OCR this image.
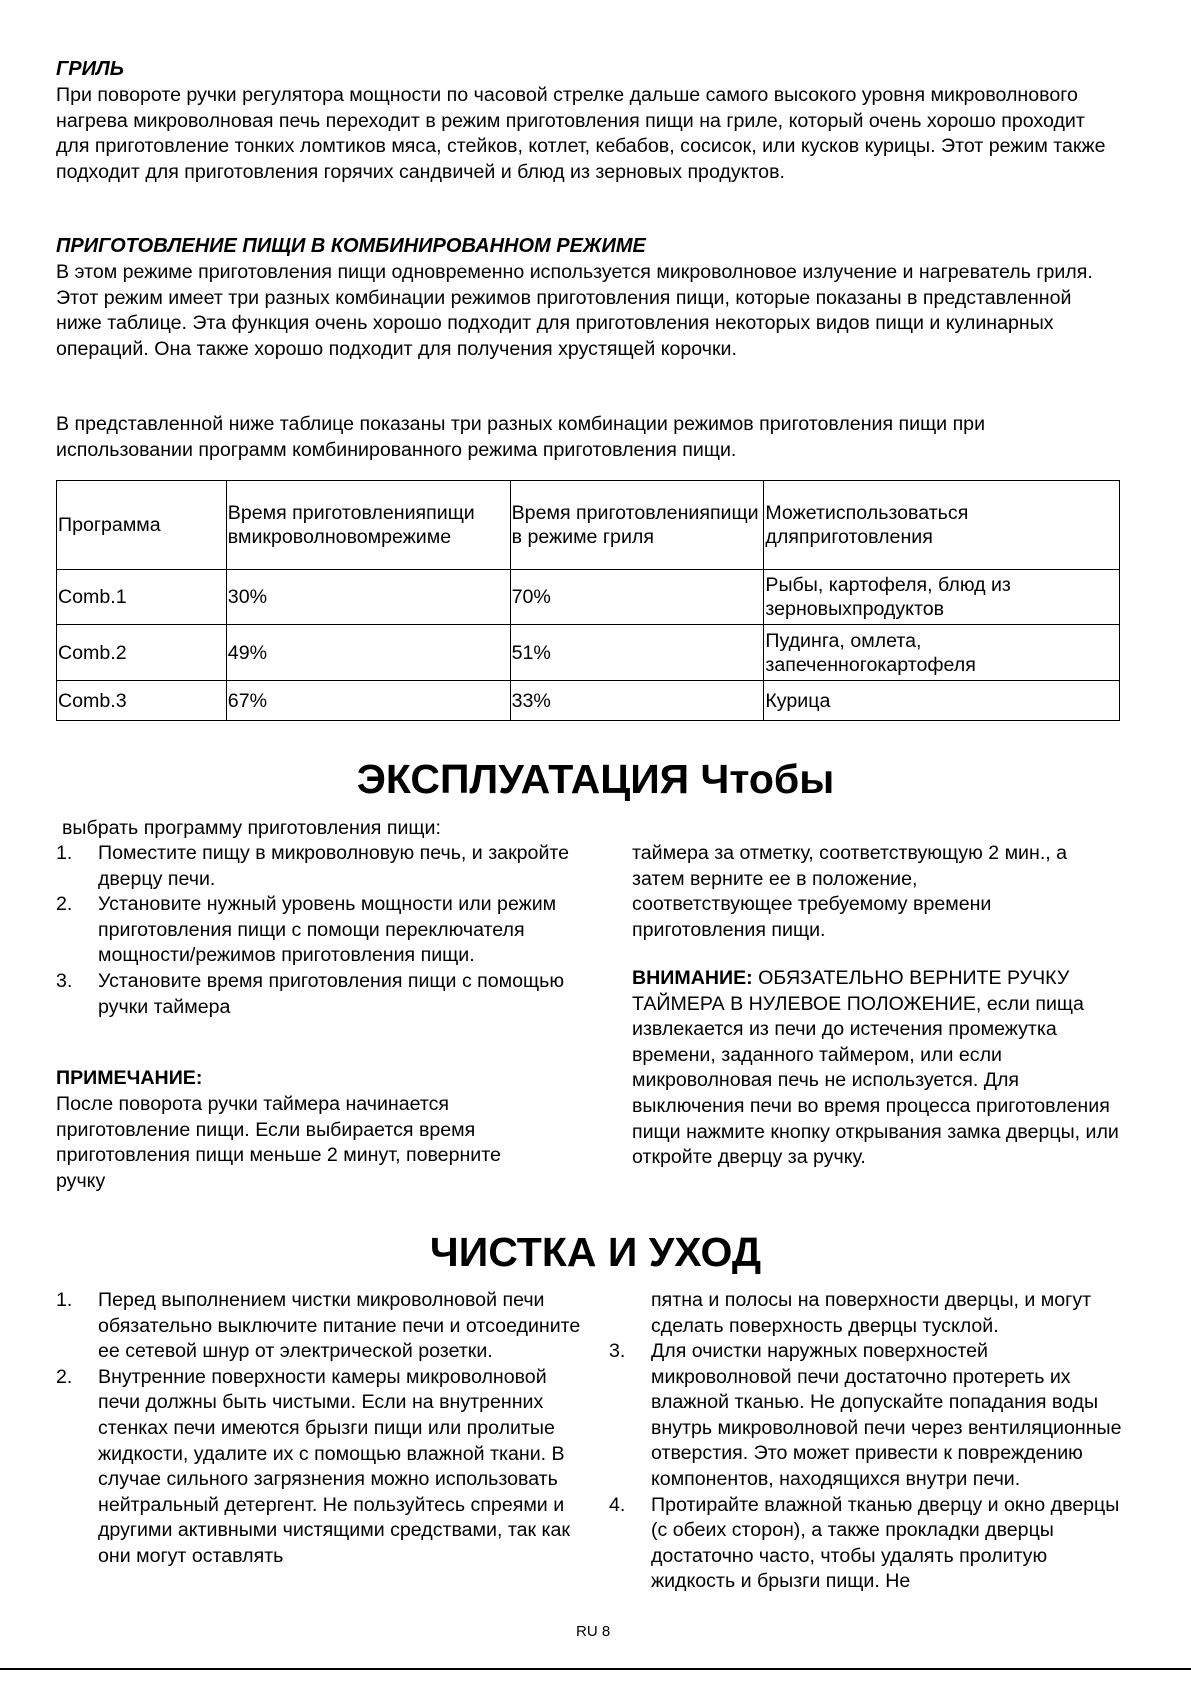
ГРИЛЬ
При повороте ручки регулятора мощности по часовой стрелке дальше самого высокого уровня микроволнового нагрева микроволновая печь переходит в режим приготовления пищи на гриле, который очень хорошо проходит для приготовление тонких ломтиков мяса, стейков, котлет, кебабов, сосисок, или кусков курицы. Этот режим также подходит для приготовления горячих сандвичей и блюд из зерновых продуктов.
ПРИГОТОВЛЕНИЕ ПИЩИ В КОМБИНИРОВАННОМ РЕЖИМЕ
В этом режиме приготовления пищи одновременно используется микроволновое излучение и нагреватель гриля. Этот режим имеет три разных комбинации режимов приготовления пищи, которые показаны в представленной ниже таблице. Эта функция очень хорошо подходит для приготовления некоторых видов пищи и кулинарных операций. Она также хорошо подходит для получения хрустящей корочки.
В представленной ниже таблице показаны три разных комбинации режимов приготовления пищи при использовании программ комбинированного режима приготовления пищи.
Программа	Время приготовленияпищи вмикроволновомрежиме	Время приготовленияпищи в режиме гриля	Можетиспользоваться дляприготовления
Comb.1	30%	70%	Рыбы, картофеля, блюд из зерновыхпродуктов
Comb.2	49%	51%	Пудинга, омлета, запеченногокартофеля
Comb.3	67%	33%	Курица
ЭКСПЛУАТАЦИЯ Чтобы
выбрать программу приготовления пищи:
1. Поместите пищу в микроволновую печь, и закройте дверцу печи.
2. Установите нужный уровень мощности или режим приготовления пищи с помощи переключателя мощности/режимов приготовления пищи.
3. Установите время приготовления пищи с помощью ручки таймера
ПРИМЕЧАНИЕ:
После поворота ручки таймера начинается приготовление пищи. Если выбирается время приготовления пищи меньше 2 минут, поверните ручку
таймера за отметку, соответствующую 2 мин., а затем верните ее в положение, соответствующее требуемому времени приготовления пищи.
ВНИМАНИЕ: ОБЯЗАТЕЛЬНО ВЕРНИТЕ РУЧКУ ТАЙМЕРА В НУЛЕВОЕ ПОЛОЖЕНИЕ, если пища извлекается из печи до истечения промежутка времени, заданного таймером, или если микроволновая печь не используется. Для выключения печи во время процесса приготовления пищи нажмите кнопку открывания замка дверцы, или откройте дверцу за ручку.
ЧИСТКА И УХОД
1. Перед выполнением чистки микроволновой печи обязательно выключите питание печи и отсоедините ее сетевой шнур от электрической розетки.
2. Внутренние поверхности камеры микроволновой печи должны быть чистыми. Если на внутренних стенках печи имеются брызги пищи или пролитые жидкости, удалите их с помощью влажной ткани. В случае сильного загрязнения можно использовать нейтральный детергент. Не пользуйтесь спреями и другими активными чистящими средствами, так как они могут оставлять
пятна и полосы на поверхности дверцы, и могут сделать поверхность дверцы тусклой.
3. Для очистки наружных поверхностей микроволновой печи достаточно протереть их влажной тканью. Не допускайте попадания воды внутрь микроволновой печи через вентиляционные отверстия. Это может привести к повреждению компонентов, находящихся внутри печи.
4. Протирайте влажной тканью дверцу и окно дверцы (с обеих сторон), а также прокладки дверцы достаточно часто, чтобы удалять пролитую жидкость и брызги пищи. Не
RU 8
